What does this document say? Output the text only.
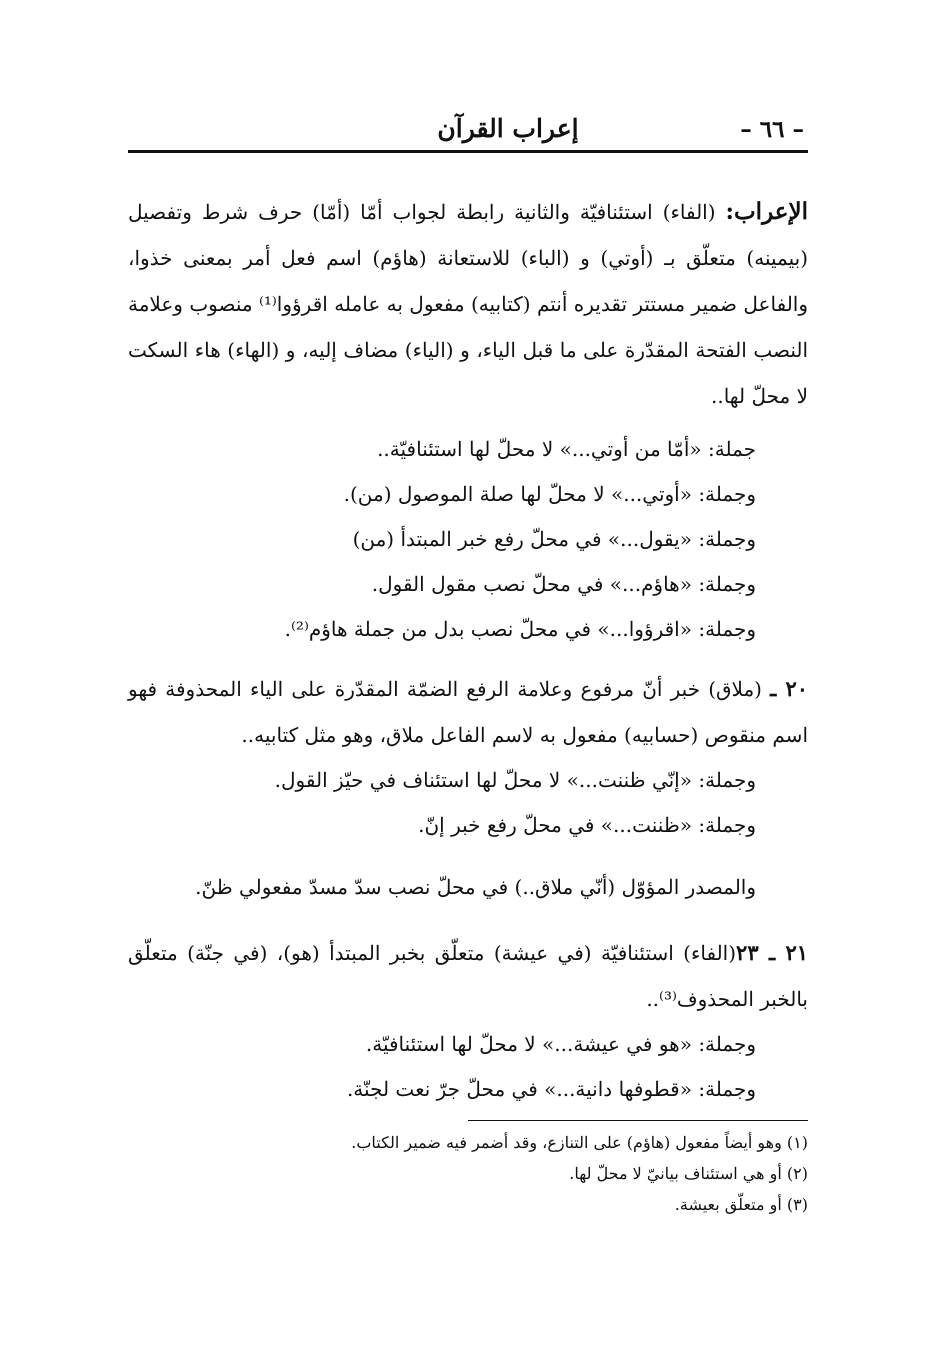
– ٦٦ –
إعراب القرآن

الإعراب: (الفاء) استئنافيّة والثانية رابطة لجواب أمّا (أمّا) حرف شرط وتفصيل (بيمينه) متعلّق بـ (أوتي) و (الباء) للاستعانة (هاؤم) اسم فعل أمر بمعنى خذوا، والفاعل ضمير مستتر تقديره أنتم (كتابيه) مفعول به عامله اقرؤوا⁽¹⁾ منصوب وعلامة النصب الفتحة المقدّرة على ما قبل الياء، و (الياء) مضاف إليه، و (الهاء) هاء السكت لا محلّ لها..

جملة: «أمّا من أوتي...» لا محلّ لها استئنافيّة..

وجملة: «أوتي...» لا محلّ لها صلة الموصول (من).

وجملة: «يقول...» في محلّ رفع خبر المبتدأ (من)

وجملة: «هاؤم...» في محلّ نصب مقول القول.

وجملة: «اقرؤوا...» في محلّ نصب بدل من جملة هاؤم⁽²⁾.

٢٠ ـ (ملاق) خبر أنّ مرفوع وعلامة الرفع الضمّة المقدّرة على الياء المحذوفة فهو اسم منقوص (حسابيه) مفعول به لاسم الفاعل ملاق، وهو مثل كتابيه..

وجملة: «إنّي ظننت...» لا محلّ لها استئناف في حيّز القول.

وجملة: «ظننت...» في محلّ رفع خبر إنّ.

والمصدر المؤوّل (أنّي ملاق..) في محلّ نصب سدّ مسدّ مفعولي ظنّ.

٢١ ـ ٢٣(الفاء) استئنافيّة (في عيشة) متعلّق بخبر المبتدأ (هو)، (في جنّة) متعلّق بالخبر المحذوف⁽³⁾..

وجملة: «هو في عيشة...» لا محلّ لها استئنافيّة.

وجملة: «قطوفها دانية...» في محلّ جرّ نعت لجنّة.

(١) وهو أيضاً مفعول (هاؤم) على التنازع، وقد أضمر فيه ضمير الكتاب.

(٢) أو هي استئناف بيانيّ لا محلّ لها.

(٣) أو متعلّق بعيشة.
